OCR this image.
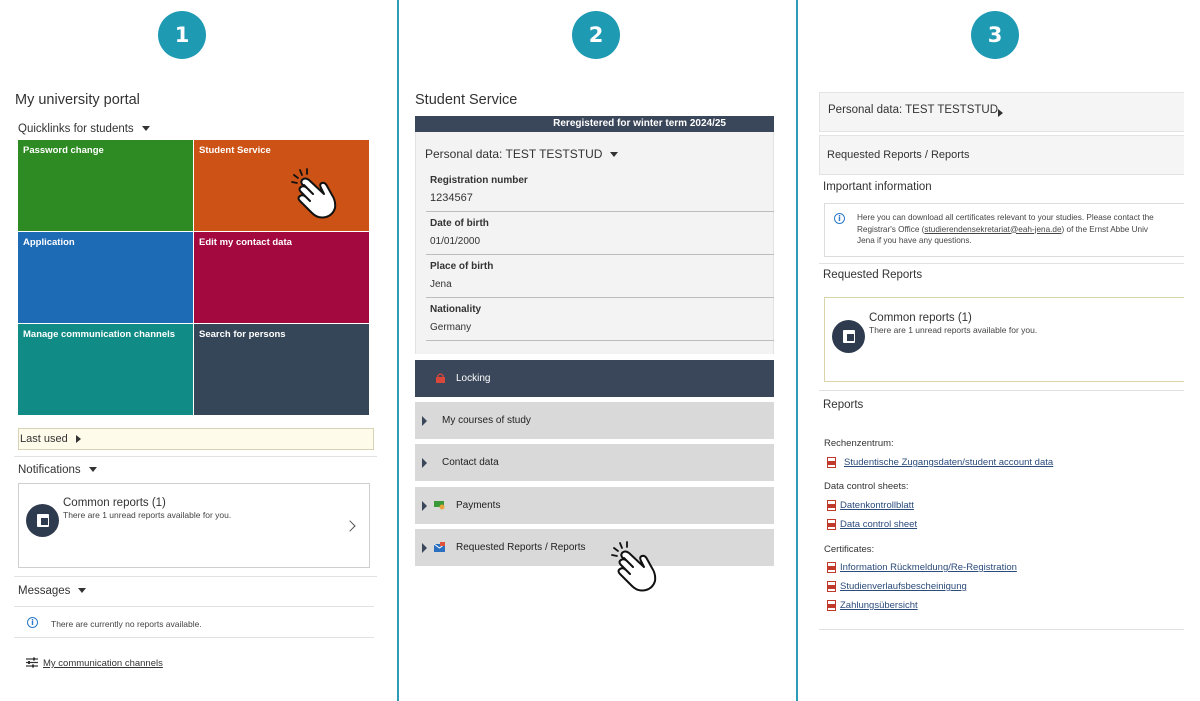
1	2	3
My university portal
Quicklinks for students
Password change	Student Service
Application	Edit my contact data
Manage communication channels	Search for persons
Last used
Notifications
Common reports (1)
There are 1 unread reports available for you.
Messages
i	There are currently no reports available.
My communication channels
Student Service
Reregistered for winter term 2024/25
Personal data: TEST TESTSTUD
Registration number
1234567
Date of birth
01/01/2000
Place of birth
Jena
Nationality
Germany
Locking
My courses of study
Contact data
Payments
Requested Reports / Reports
Personal data: TEST TESTSTUD
Requested Reports / Reports
Important information
i	Here you can download all certificates relevant to your studies. Please contact the
Registrar's Office (studierendensekretariat@eah-jena.de) of the Ernst Abbe Univ
Jena if you have any questions.
Requested Reports
Common reports (1)
There are 1 unread reports available for you.
Reports
Rechenzentrum:
Studentische Zugangsdaten/student account data
Data control sheets:
Datenkontrollblatt
Data control sheet
Certificates:
Information Rückmeldung/Re-Registration
Studienverlaufsbescheinigung
Zahlungsübersicht
